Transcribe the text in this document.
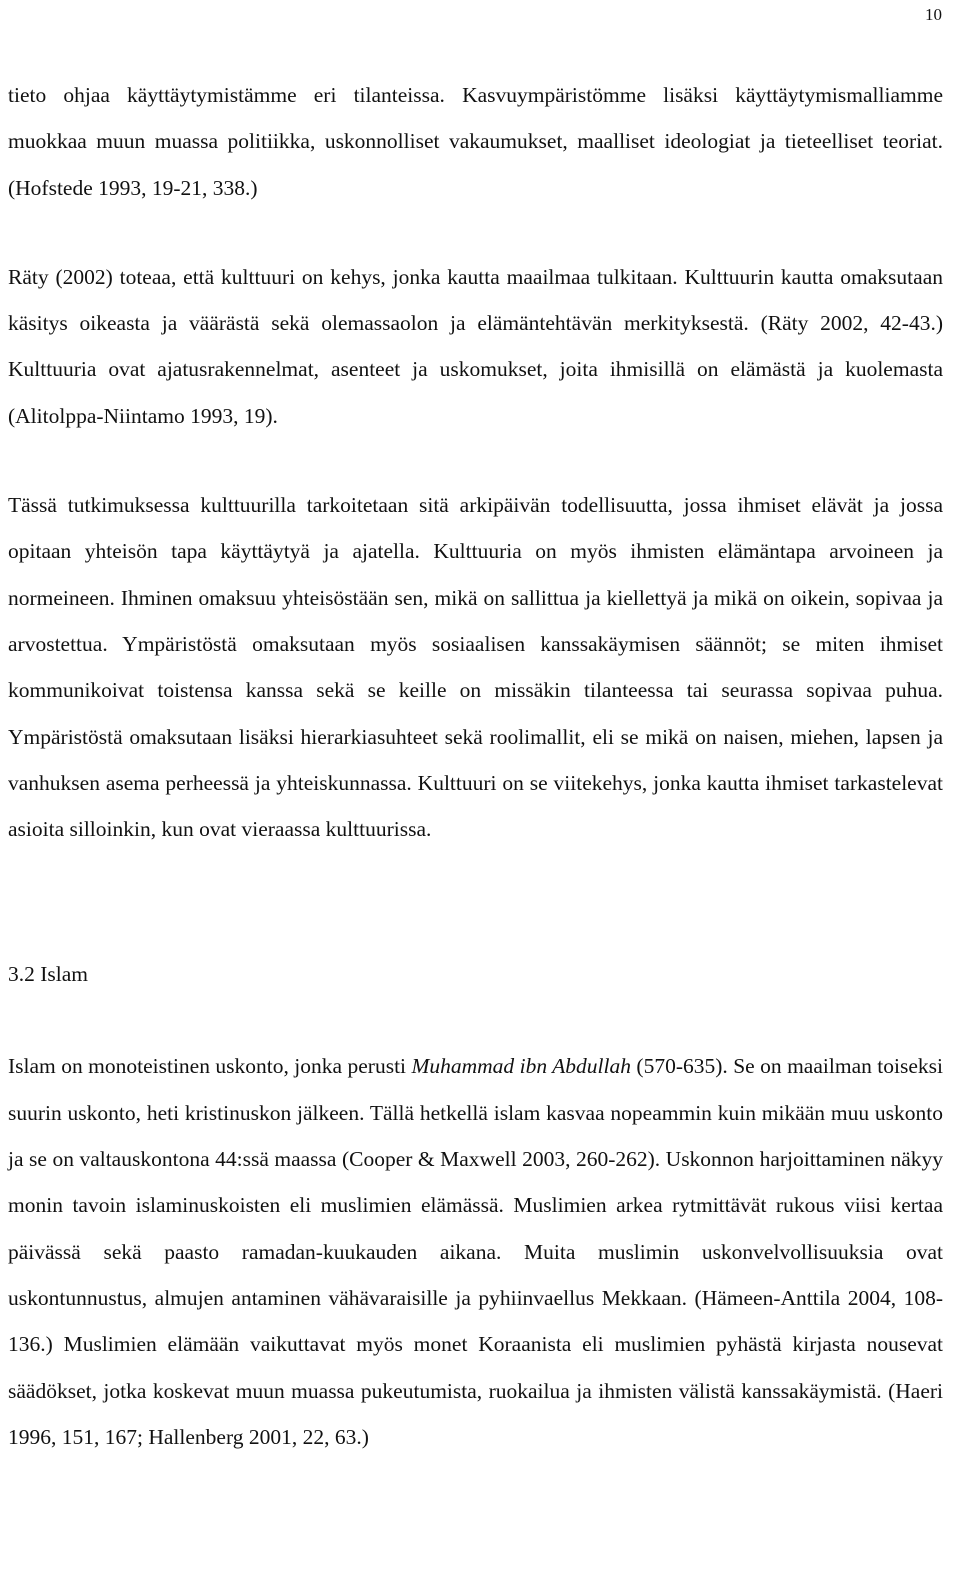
10

tieto ohjaa käyttäytymistämme eri tilanteissa. Kasvuympäristömme lisäksi käyttäytymismalliamme muokkaa muun muassa politiikka, uskonnolliset vakaumukset, maalliset ideologiat ja tieteelliset teoriat. (Hofstede 1993, 19-21, 338.)

Räty (2002) toteaa, että kulttuuri on kehys, jonka kautta maailmaa tulkitaan. Kulttuurin kautta omaksutaan käsitys oikeasta ja väärästä sekä olemassaolon ja elämäntehtävän merkityksestä. (Räty 2002, 42-43.) Kulttuuria ovat ajatusrakennelmat, asenteet ja uskomukset, joita ihmisillä on elämästä ja kuolemasta (Alitolppa-Niintamo 1993, 19).

Tässä tutkimuksessa kulttuurilla tarkoitetaan sitä arkipäivän todellisuutta, jossa ihmiset elävät ja jossa opitaan yhteisön tapa käyttäytyä ja ajatella. Kulttuuria on myös ihmisten elämäntapa arvoineen ja normeineen. Ihminen omaksuu yhteisöstään sen, mikä on sallittua ja kiellettyä ja mikä on oikein, sopivaa ja arvostettua. Ympäristöstä omaksutaan myös sosiaalisen kanssakäymisen säännöt; se miten ihmiset kommunikoivat toistensa kanssa sekä se keille on missäkin tilanteessa tai seurassa sopivaa puhua. Ympäristöstä omaksutaan lisäksi hierarkiasuhteet sekä roolimallit, eli se mikä on naisen, miehen, lapsen ja vanhuksen asema perheessä ja yhteiskunnassa. Kulttuuri on se viitekehys, jonka kautta ihmiset tarkastelevat asioita silloinkin, kun ovat vieraassa kulttuurissa.

3.2 Islam

Islam on monoteistinen uskonto, jonka perusti Muhammad ibn Abdullah (570-635). Se on maailman toiseksi suurin uskonto, heti kristinuskon jälkeen. Tällä hetkellä islam kasvaa nopeammin kuin mikään muu uskonto ja se on valtauskontona 44:ssä maassa (Cooper & Maxwell 2003, 260-262). Uskonnon harjoittaminen näkyy monin tavoin islaminuskoisten eli muslimien elämässä. Muslimien arkea rytmittävät rukous viisi kertaa päivässä sekä paasto ramadan-kuukauden aikana. Muita muslimin uskonvelvollisuuksia ovat uskontunnustus, almujen antaminen vähävaraisille ja pyhiinvaellus Mekkaan. (Hämeen-Anttila 2004, 108-136.) Muslimien elämään vaikuttavat myös monet Koraanista eli muslimien pyhästä kirjasta nousevat säädökset, jotka koskevat muun muassa pukeutumista, ruokailua ja ihmisten välistä kanssakäymistä. (Haeri 1996, 151, 167; Hallenberg 2001, 22, 63.)
